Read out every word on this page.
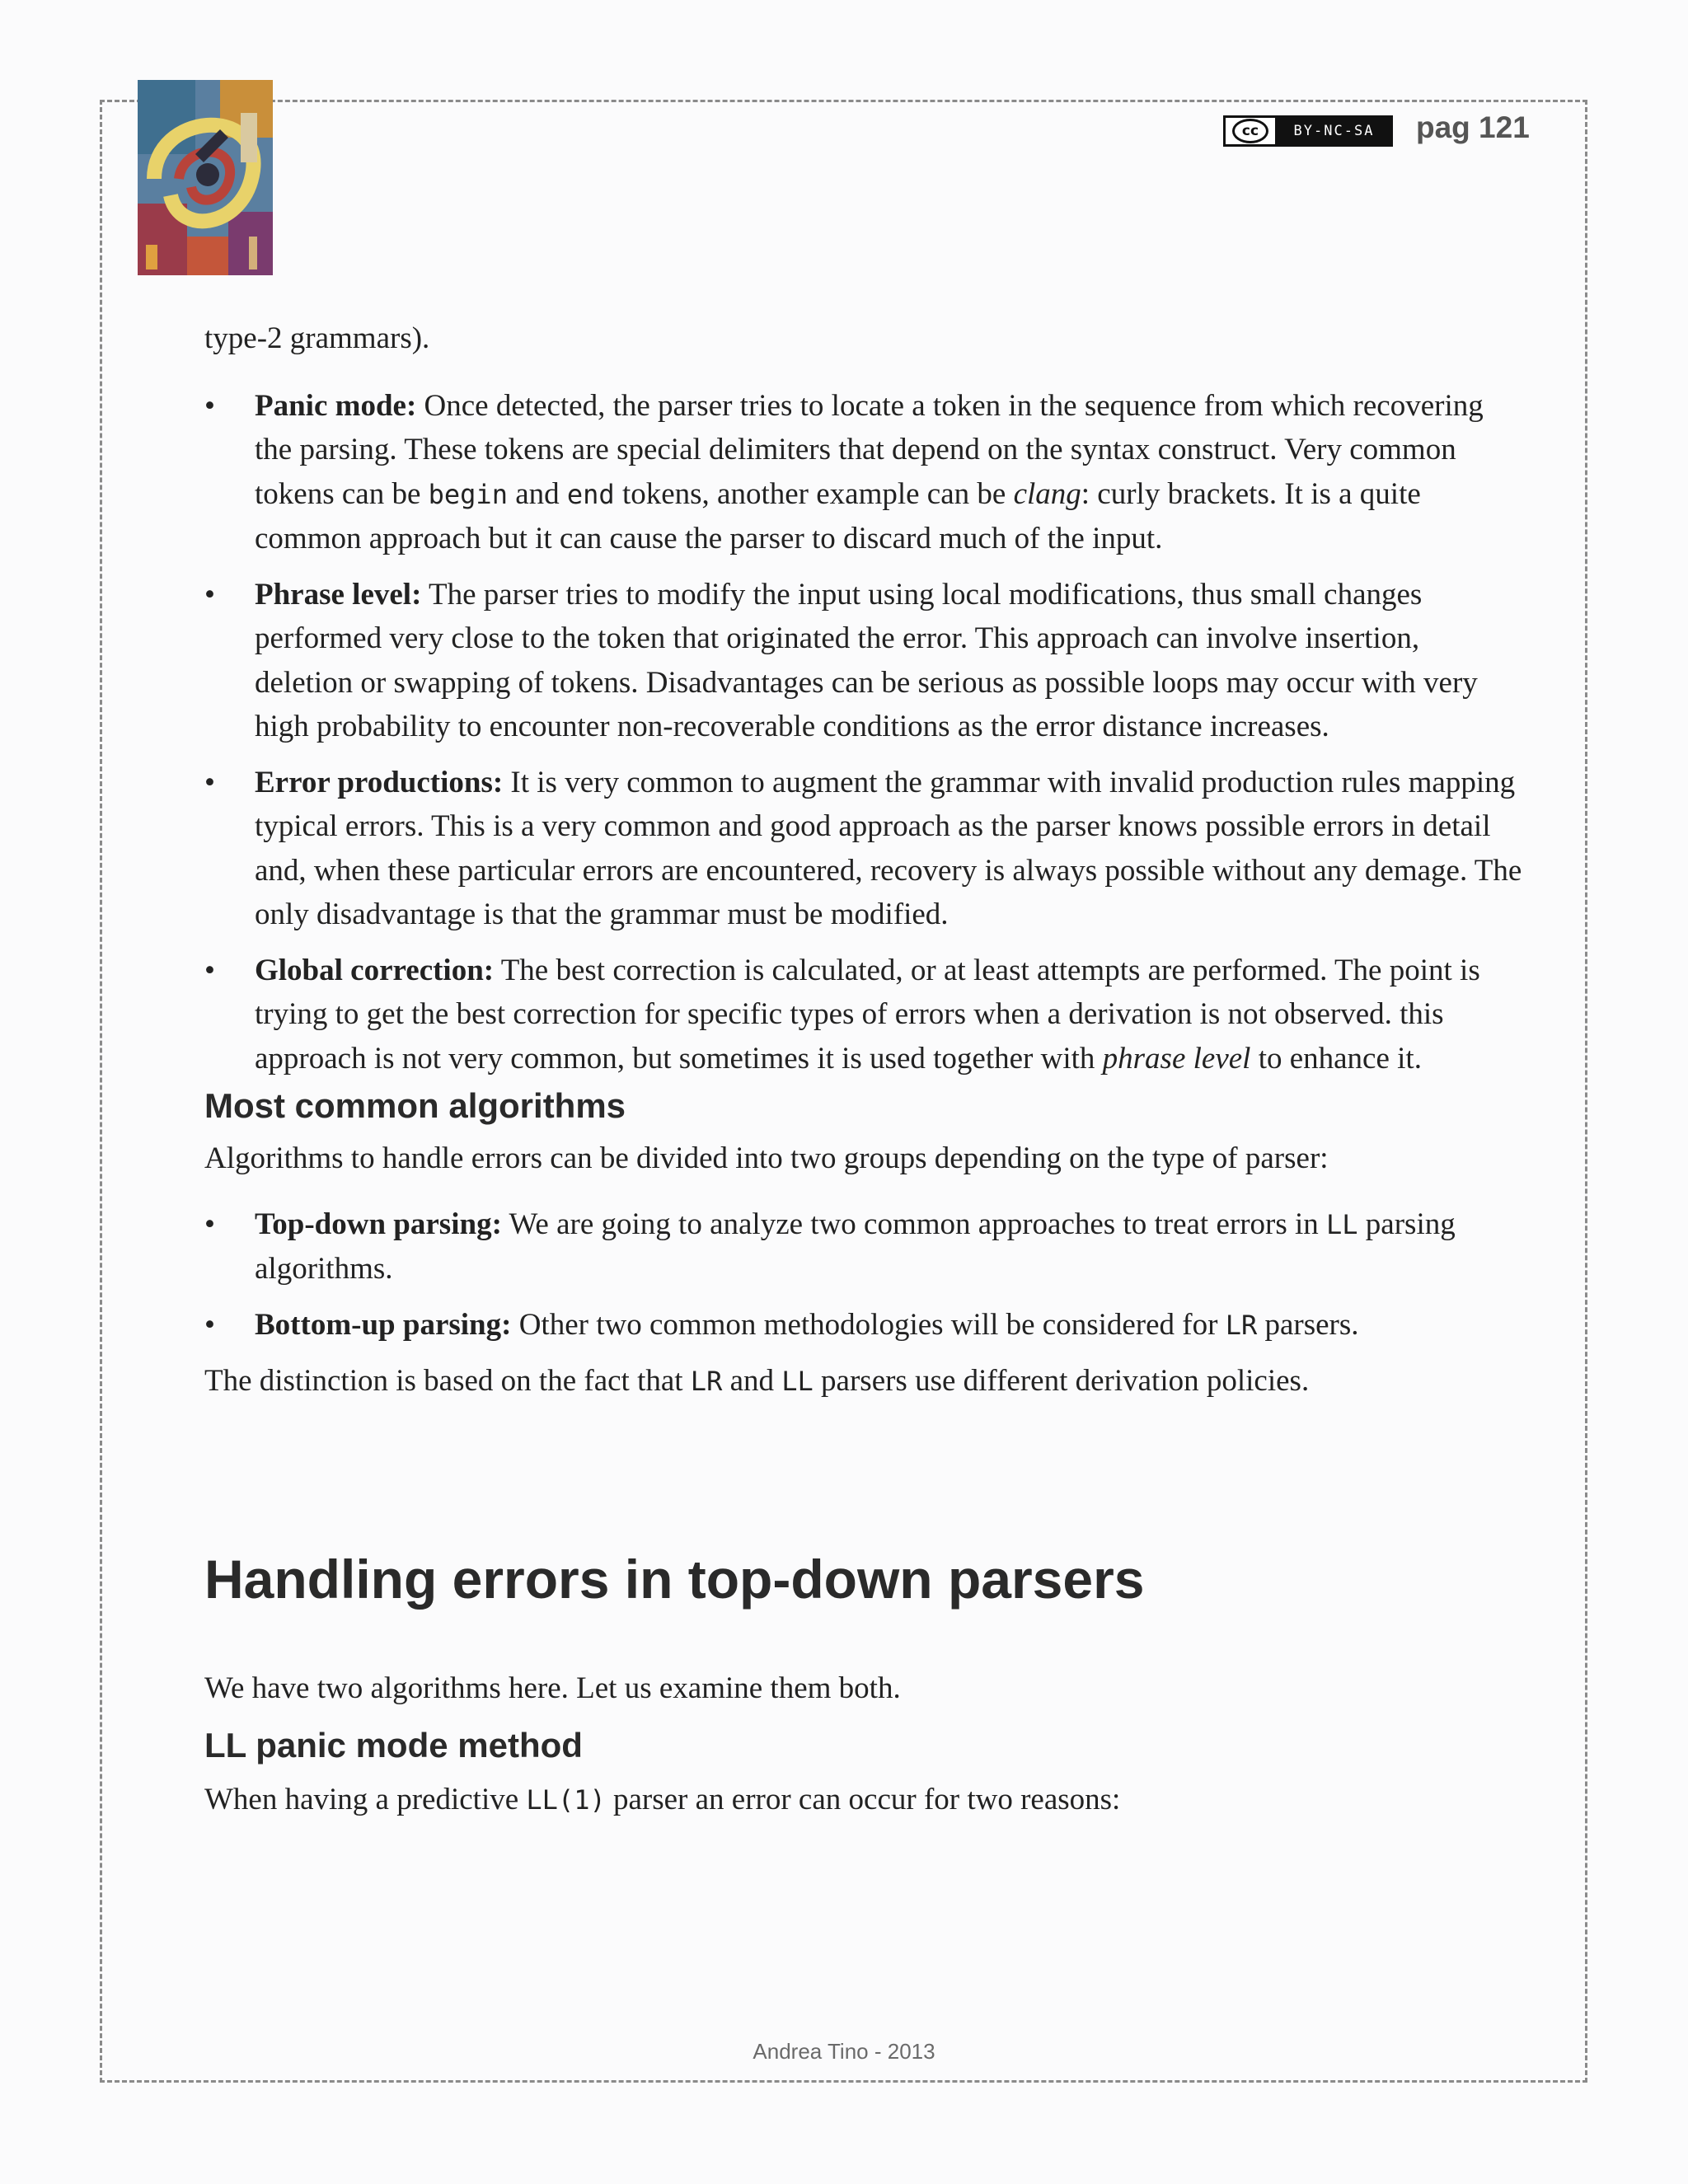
cc	BY-NC-SA	pag 121

type-2 grammars).

• Panic mode: Once detected, the parser tries to locate a token in the sequence from which recovering the parsing. These tokens are special delimiters that depend on the syntax construct. Very common tokens can be begin and end tokens, another example can be clang: curly brackets. It is a quite common approach but it can cause the parser to discard much of the input.
• Phrase level: The parser tries to modify the input using local modifications, thus small changes performed very close to the token that originated the error. This approach can involve insertion, deletion or swapping of tokens. Disadvantages can be serious as possible loops may occur with very high probability to encounter non-recoverable conditions as the error distance increases.
• Error productions: It is very common to augment the grammar with invalid production rules mapping typical errors. This is a very common and good approach as the parser knows possible errors in detail and, when these particular errors are encountered, recovery is always possible without any demage. The only disadvantage is that the grammar must be modified.
• Global correction: The best correction is calculated, or at least attempts are performed. The point is trying to get the best correction for specific types of errors when a derivation is not observed. this approach is not very common, but sometimes it is used together with phrase level to enhance it.
Most common algorithms

Algorithms to handle errors can be divided into two groups depending on the type of parser:

• Top-down parsing: We are going to analyze two common approaches to treat errors in LL parsing algorithms.
• Bottom-up parsing: Other two common methodologies will be considered for LR parsers.

The distinction is based on the fact that LR and LL parsers use different derivation policies.

Handling errors in top-down parsers

We have two algorithms here. Let us examine them both.

LL panic mode method

When having a predictive LL(1) parser an error can occur for two reasons:

Andrea Tino - 2013
